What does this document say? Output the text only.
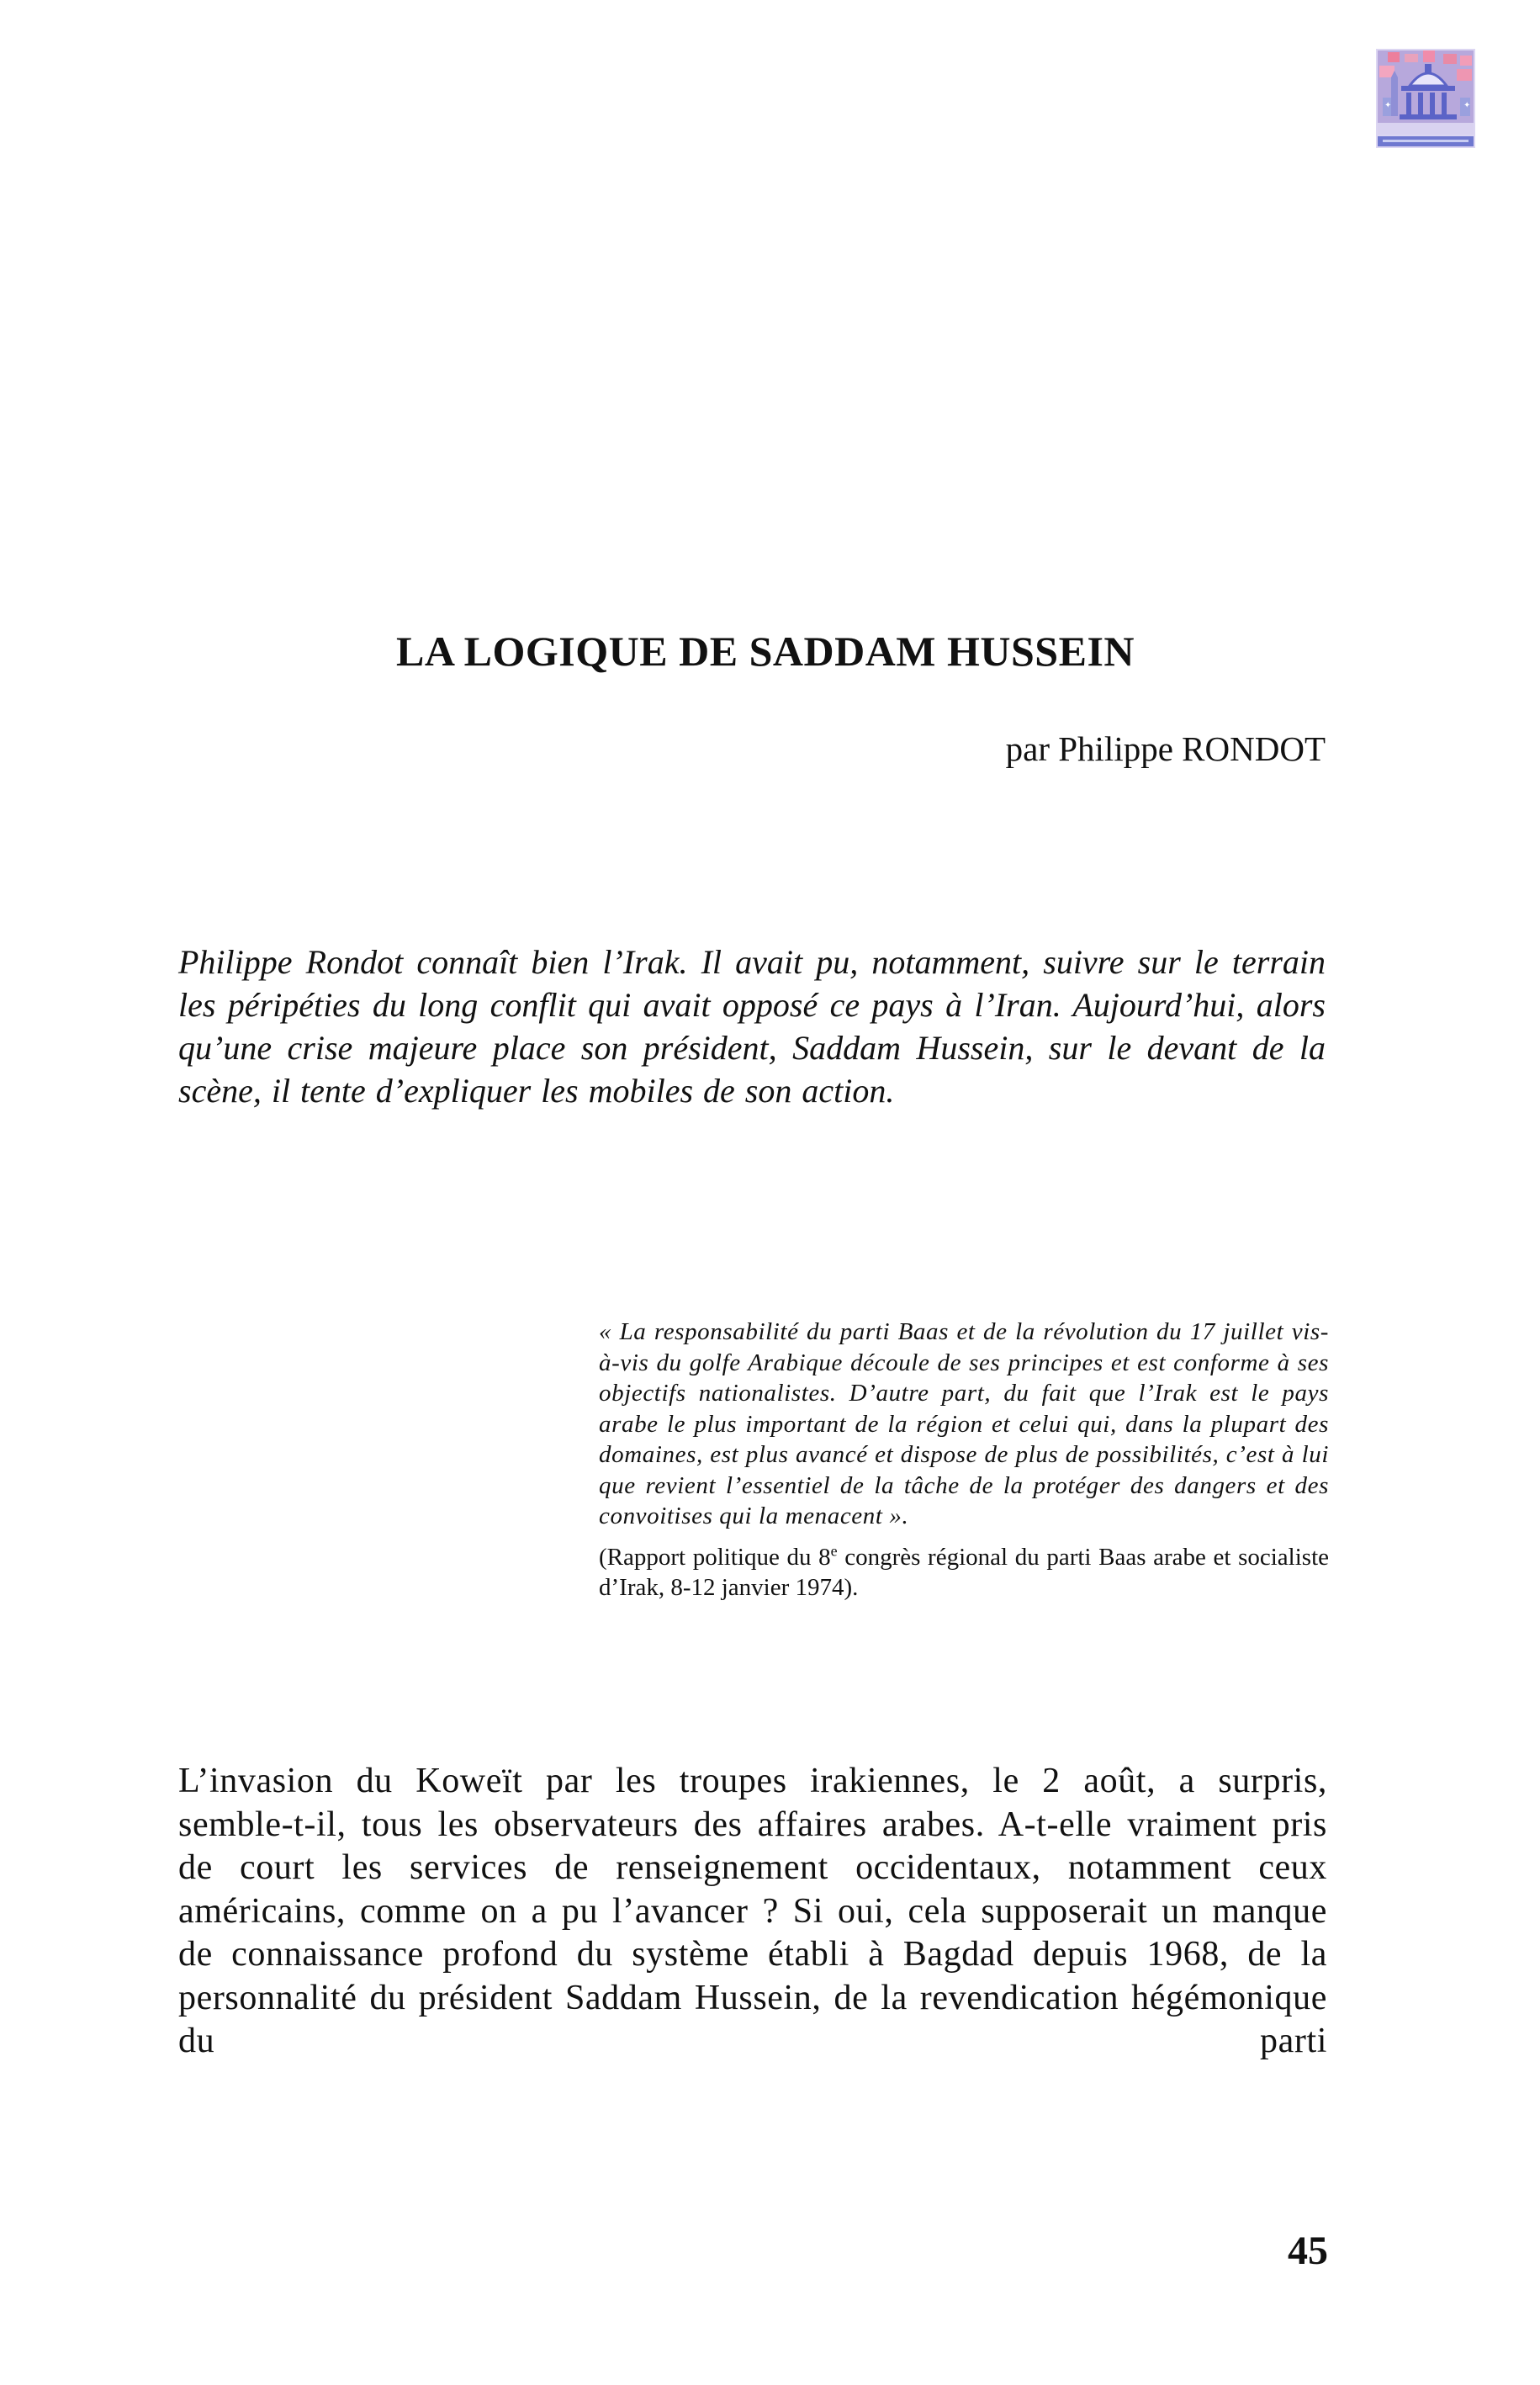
✦
✦
LA LOGIQUE DE SADDAM HUSSEIN
par Philippe RONDOT

Philippe Rondot connaît bien l’Irak. Il avait pu, notamment, suivre sur le terrain les péripéties du long conflit qui avait opposé ce pays à l’Iran. Aujourd’hui, alors qu’une crise majeure place son président, Saddam Hussein, sur le devant de la scène, il tente d’expliquer les mobiles de son action.

« La responsabilité du parti Baas et de la révolution du 17 juillet vis-à-vis du golfe Arabique découle de ses principes et est conforme à ses objectifs nationalistes. D’autre part, du fait que l’Irak est le pays arabe le plus important de la région et celui qui, dans la plupart des domaines, est plus avancé et dispose de plus de possibilités, c’est à lui que revient l’essentiel de la tâche de la protéger des dangers et des convoitises qui la menacent ».

(Rapport politique du 8e congrès régional du parti Baas arabe et socialiste d’Irak, 8-12 janvier 1974).

L’invasion du Koweït par les troupes irakiennes, le 2 août, a surpris, semble-t-il, tous les observateurs des affaires arabes. A-t-elle vraiment pris de court les services de renseignement occidentaux, notamment ceux américains, comme on a pu l’avancer ? Si oui, cela supposerait un manque de connaissance profond du système établi à Bagdad depuis 1968, de la personnalité du président Saddam Hussein, de la revendication hégémonique du parti

45
